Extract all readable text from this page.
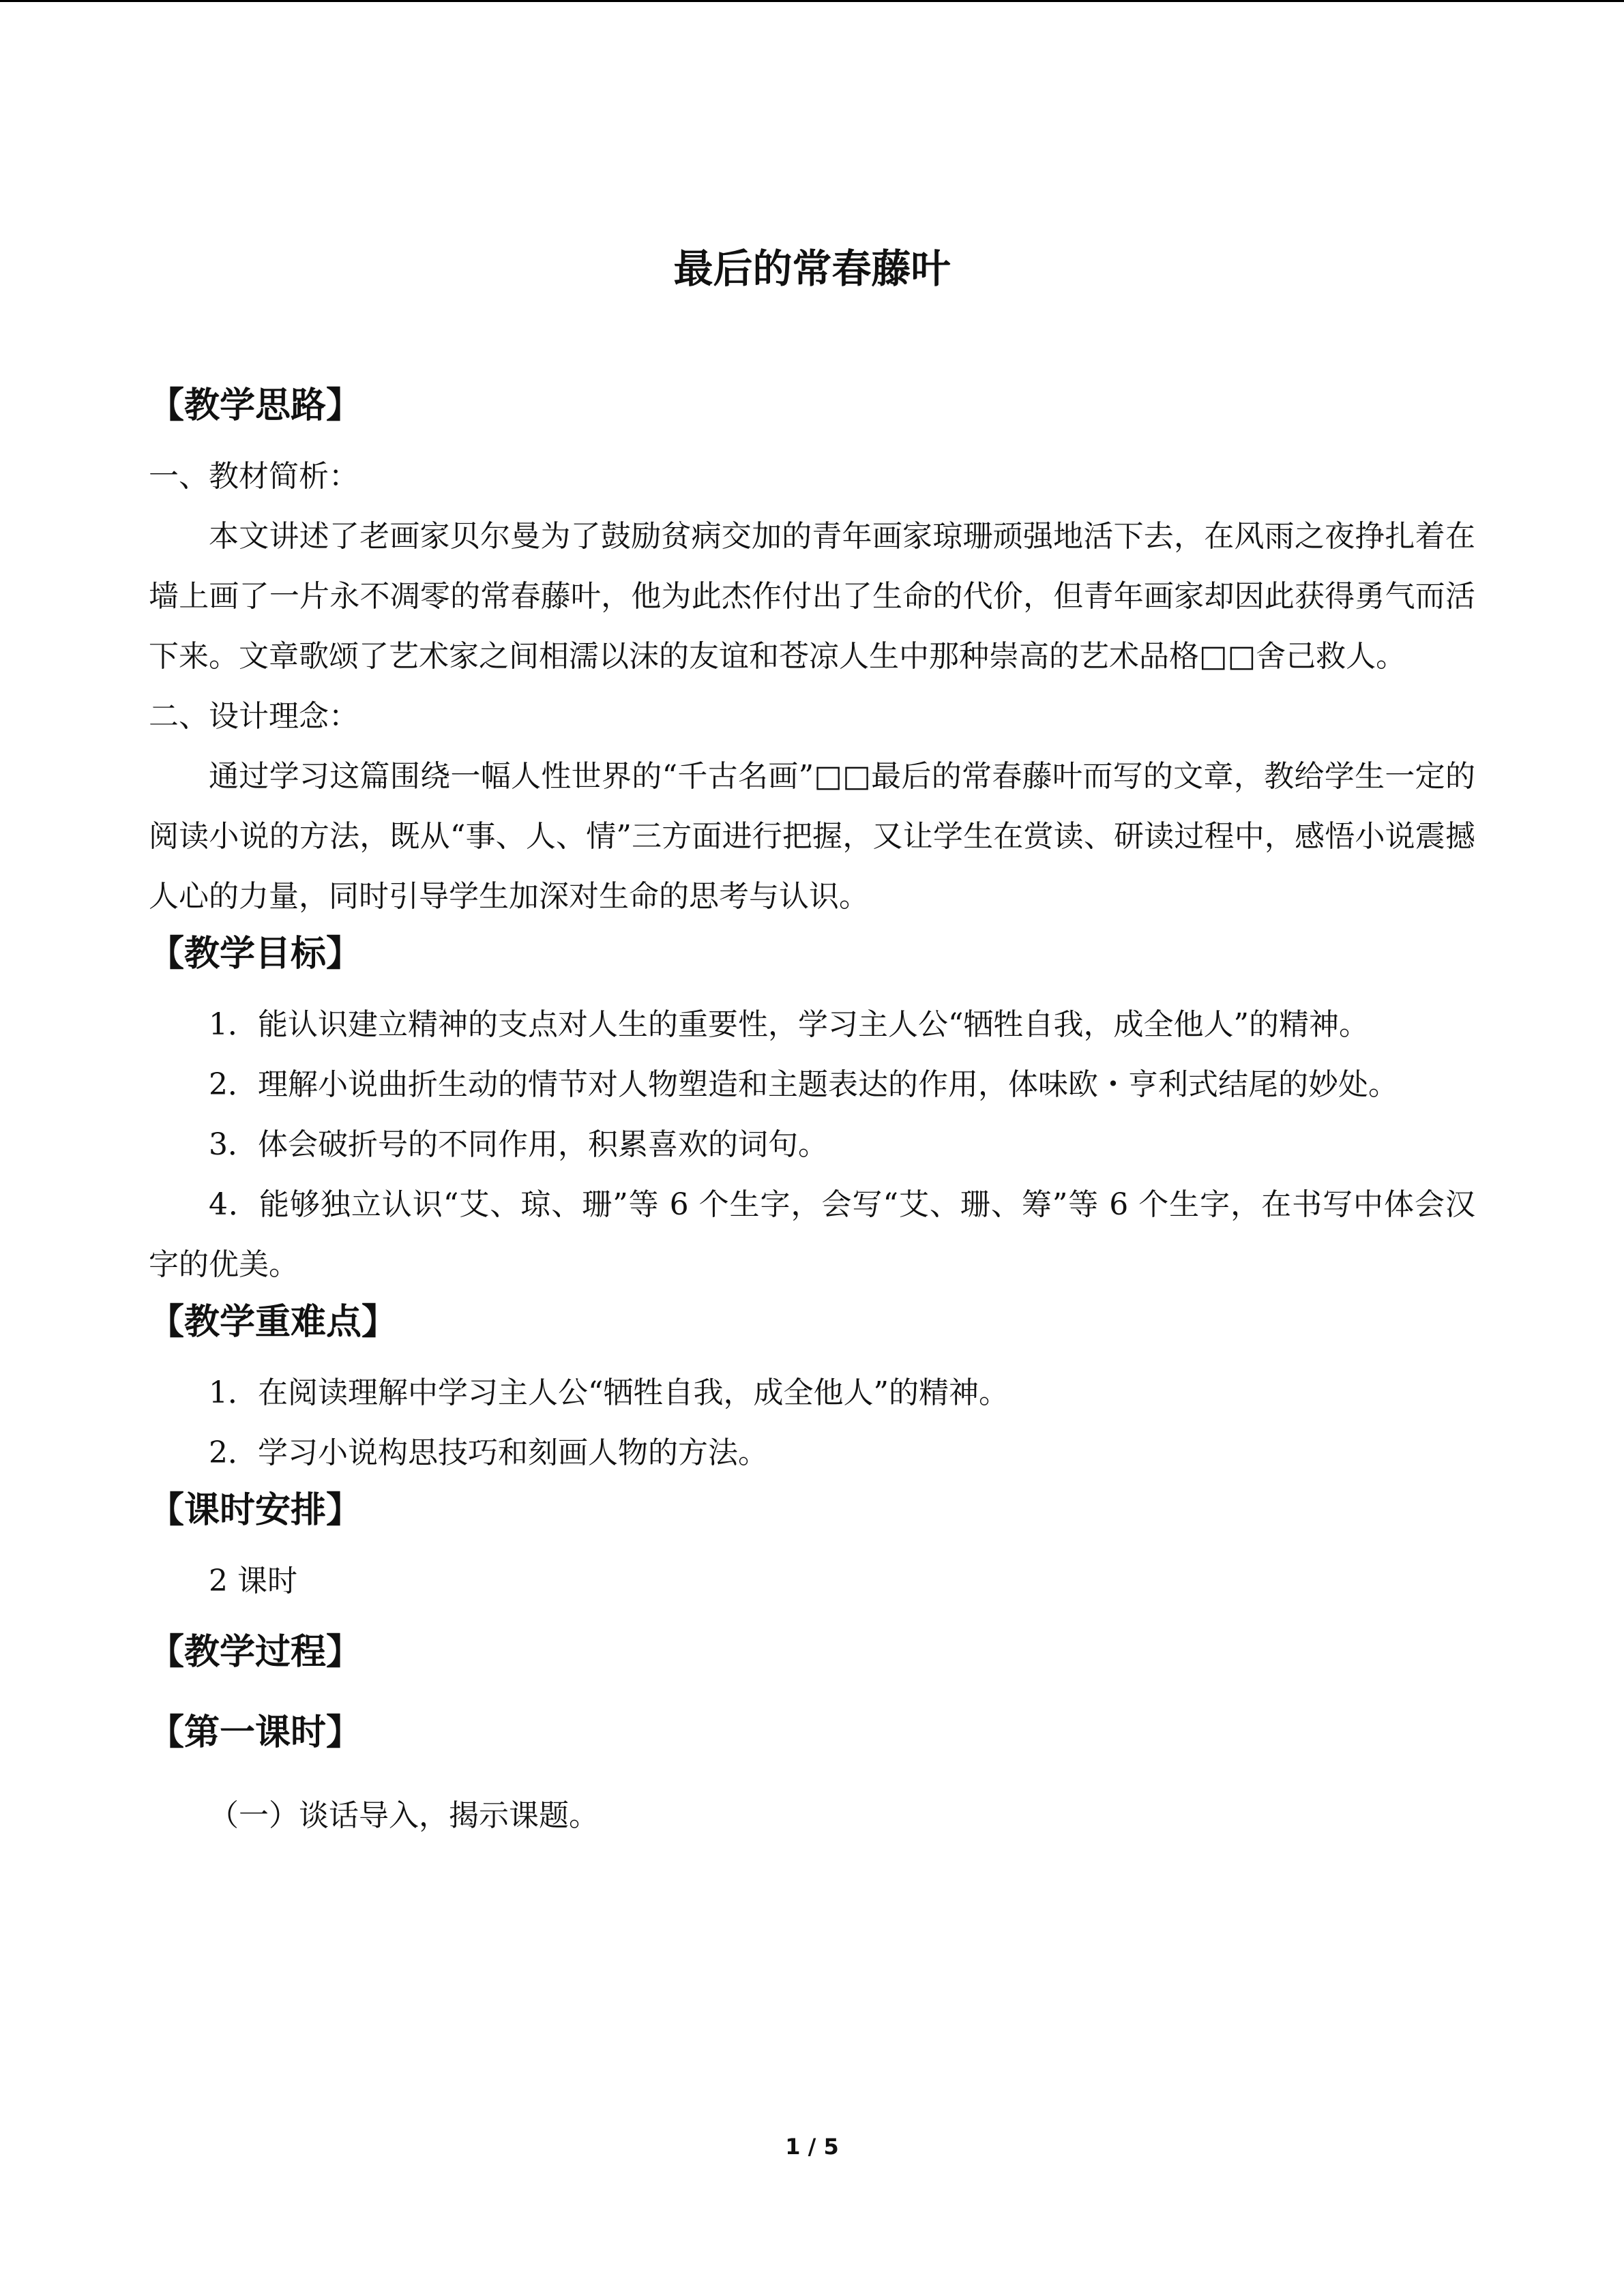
最后的常春藤叶
【教学思路】

一、教材简析：

本文讲述了老画家贝尔曼为了鼓励贫病交加的青年画家琼珊顽强地活下去，在风雨之夜挣扎着在墙上画了一片永不凋零的常春藤叶，他为此杰作付出了生命的代价，但青年画家却因此获得勇气而活下来。文章歌颂了艺术家之间相濡以沫的友谊和苍凉人生中那种崇高的艺术品格□□舍己救人。

二、设计理念：

通过学习这篇围绕一幅人性世界的“千古名画”□□最后的常春藤叶而写的文章，教给学生一定的阅读小说的方法，既从“事、人、情”三方面进行把握，又让学生在赏读、研读过程中，感悟小说震撼人心的力量，同时引导学生加深对生命的思考与认识。

【教学目标】

1．能认识建立精神的支点对人生的重要性，学习主人公“牺牲自我，成全他人”的精神。

2．理解小说曲折生动的情节对人物塑造和主题表达的作用，体味欧・亨利式结尾的妙处。

3．体会破折号的不同作用，积累喜欢的词句。

4．能够独立认识“艾、琼、珊”等 6 个生字，会写“艾、珊、筹”等 6 个生字，在书写中体会汉字的优美。

【教学重难点】

1．在阅读理解中学习主人公“牺牲自我，成全他人”的精神。

2．学习小说构思技巧和刻画人物的方法。

【课时安排】

2 课时

【教学过程】
【第一课时】

（一）谈话导入，揭示课题。

1 / 5
